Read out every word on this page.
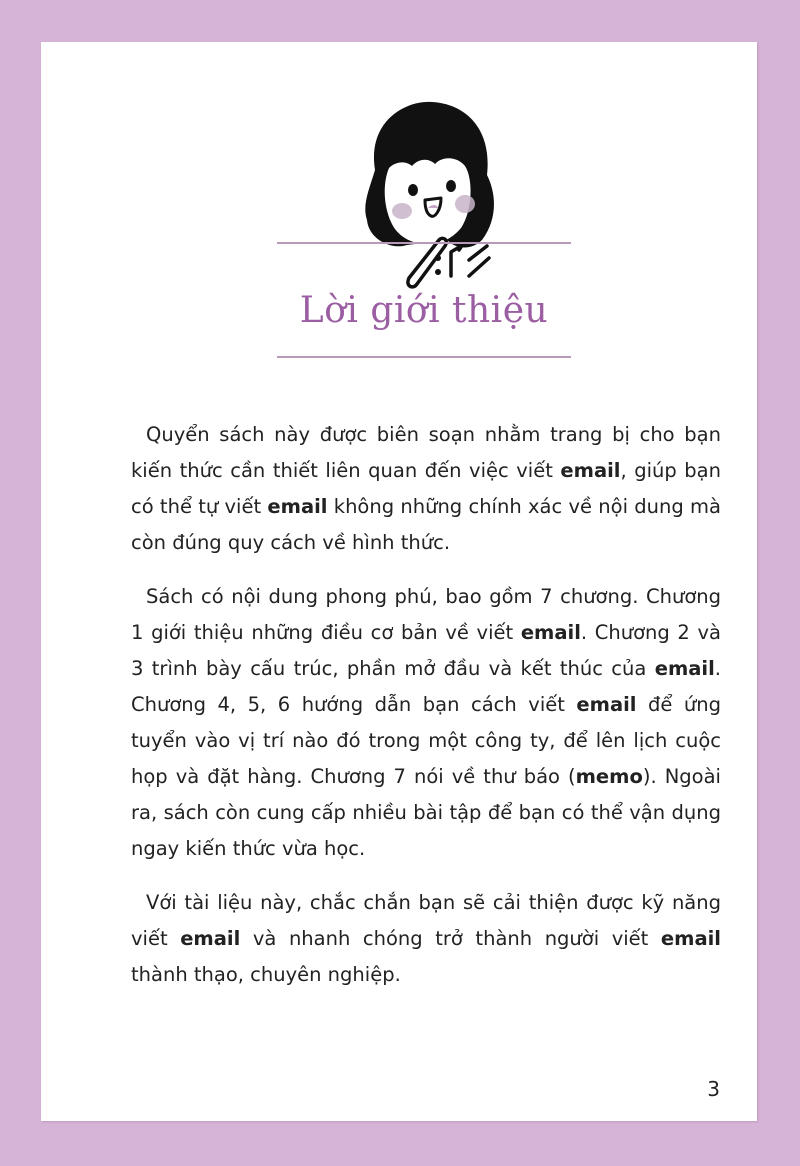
Lời giới thiệu

Quyển sách này được biên soạn nhằm trang bị cho bạn kiến thức cần thiết liên quan đến việc viết email, giúp bạn có thể tự viết email không những chính xác về nội dung mà còn đúng quy cách về hình thức.

Sách có nội dung phong phú, bao gồm 7 chương. Chương 1 giới thiệu những điều cơ bản về viết email. Chương 2 và 3 trình bày cấu trúc, phần mở đầu và kết thúc của email. Chương 4, 5, 6 hướng dẫn bạn cách viết email để ứng tuyển vào vị trí nào đó trong một công ty, để lên lịch cuộc họp và đặt hàng. Chương 7 nói về thư báo (memo). Ngoài ra, sách còn cung cấp nhiều bài tập để bạn có thể vận dụng ngay kiến thức vừa học.

Với tài liệu này, chắc chắn bạn sẽ cải thiện được kỹ năng viết email và nhanh chóng trở thành người viết email thành thạo, chuyên nghiệp.

3
